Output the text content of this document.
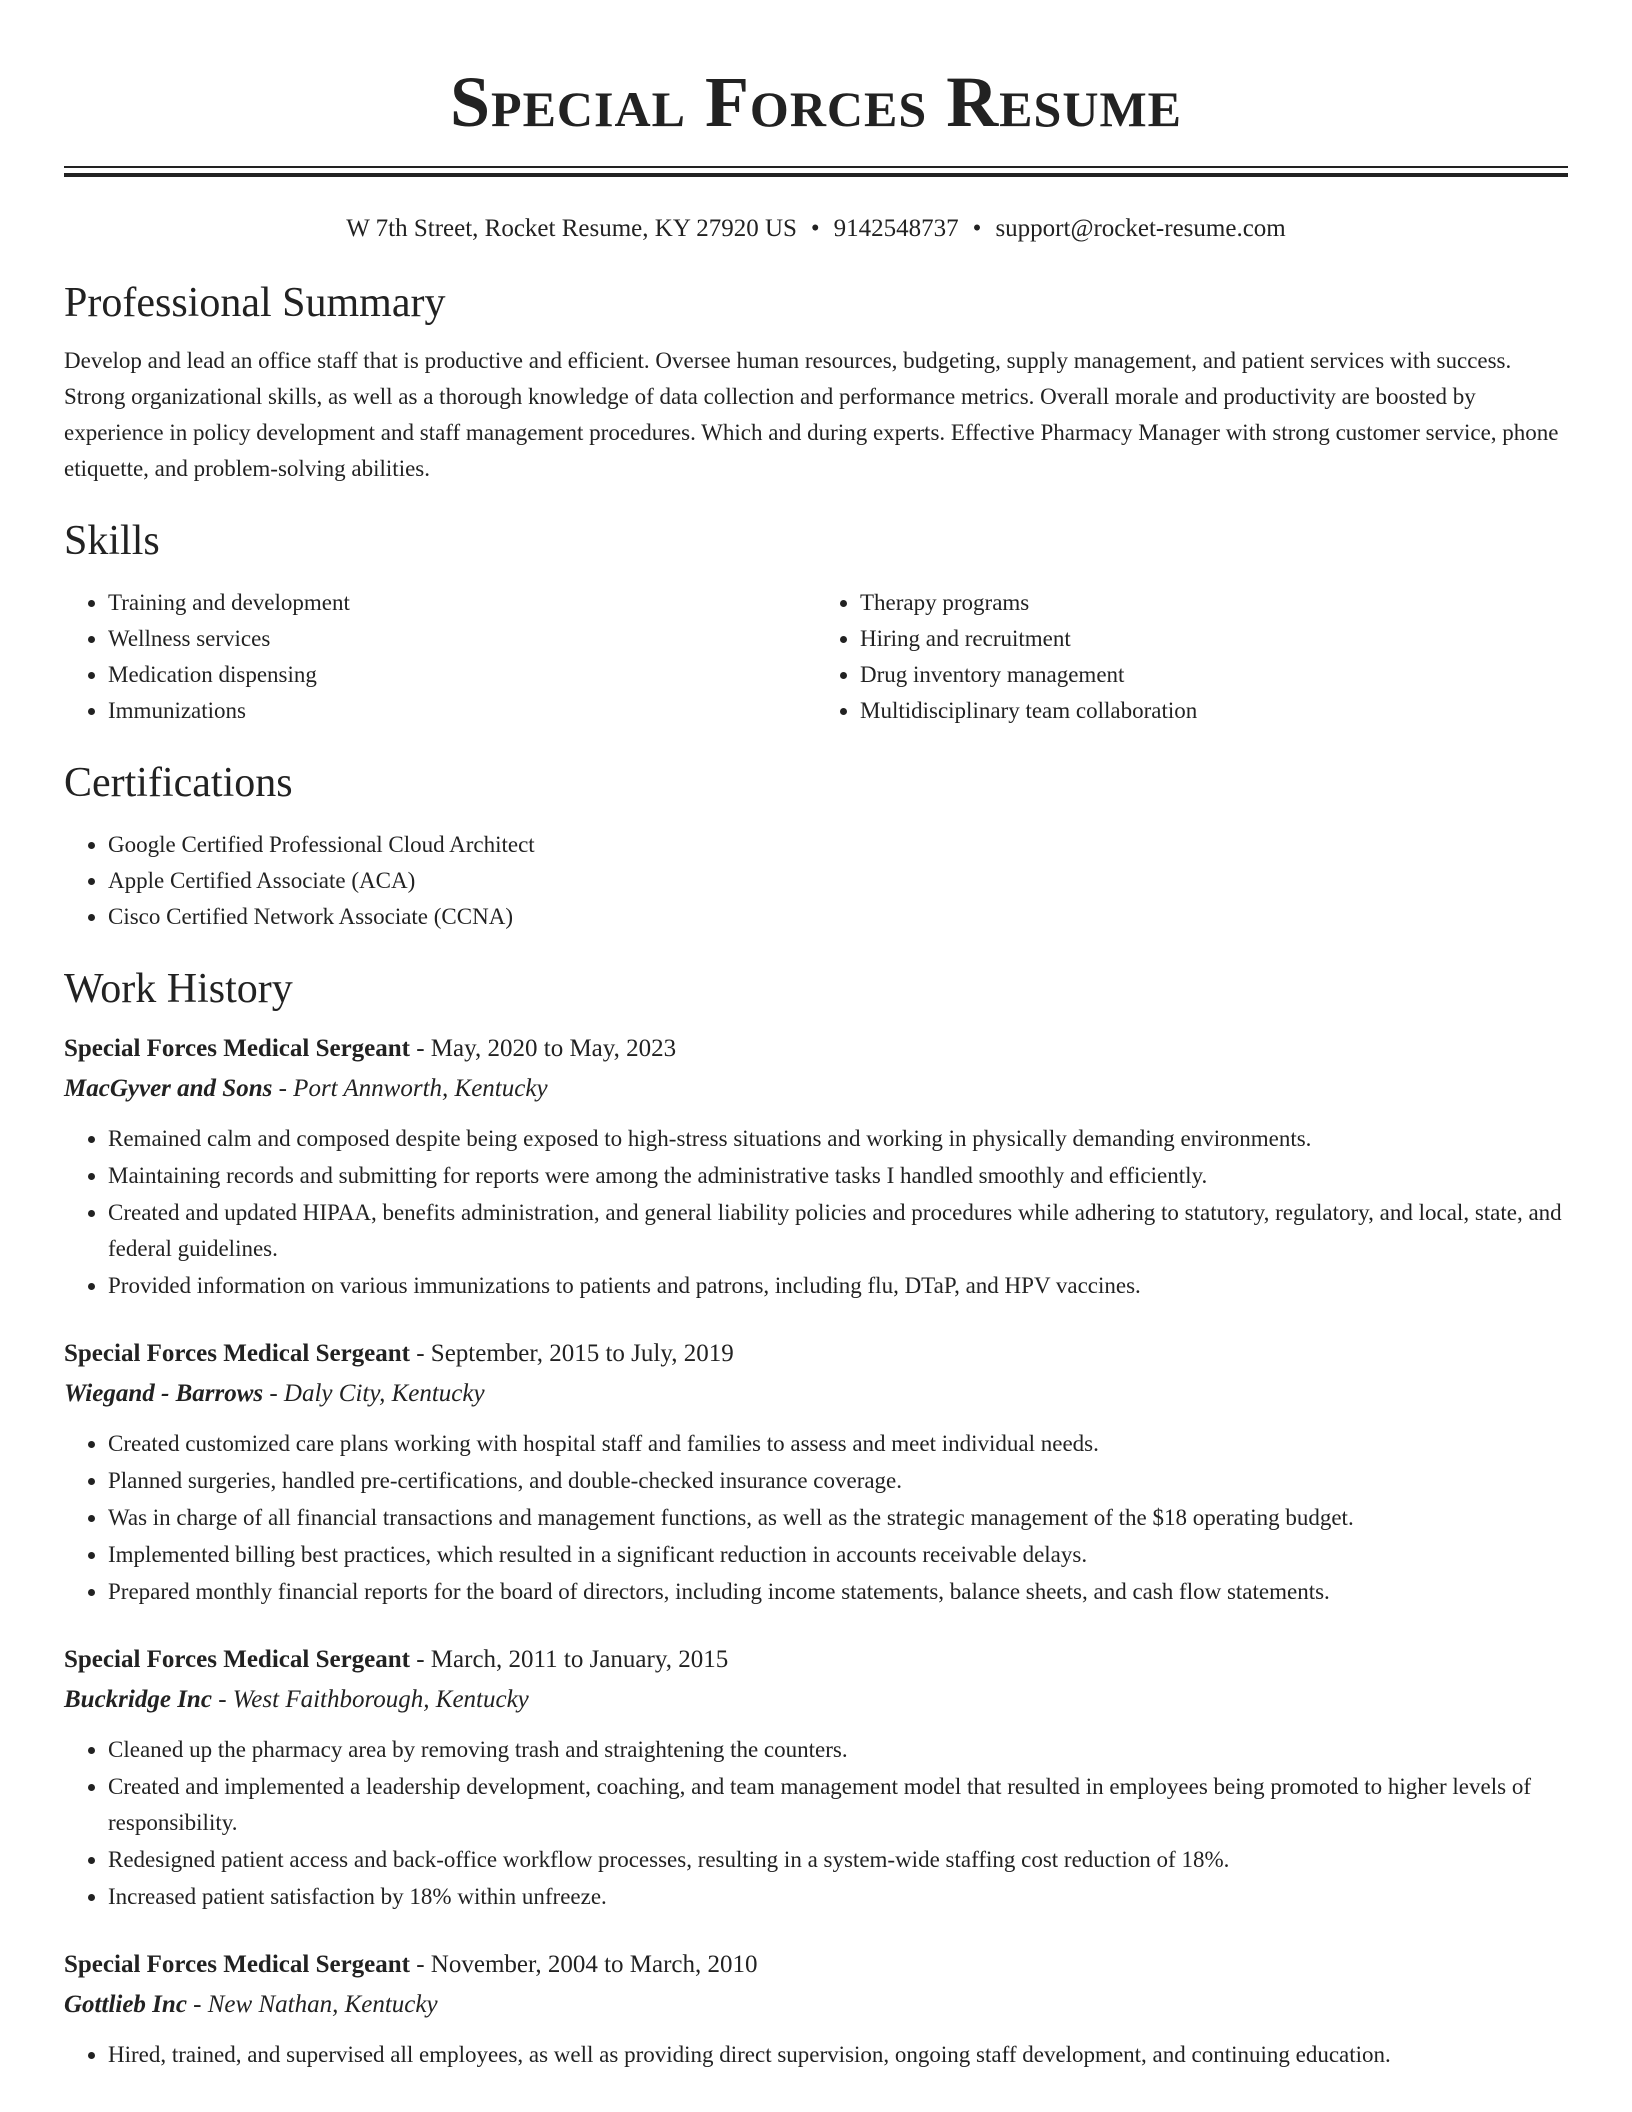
Special Forces Resume
W 7th Street, Rocket Resume, KY 27920 US • 9142548737 • support@rocket-resume.com
Professional Summary
Develop and lead an office staff that is productive and efficient. Oversee human resources, budgeting, supply management, and patient services with success. Strong organizational skills, as well as a thorough knowledge of data collection and performance metrics. Overall morale and productivity are boosted by experience in policy development and staff management procedures. Which and during experts. Effective Pharmacy Manager with strong customer service, phone etiquette, and problem-solving abilities.
Skills
• Training and development
• Wellness services
• Medication dispensing
• Immunizations
• Therapy programs
• Hiring and recruitment
• Drug inventory management
• Multidisciplinary team collaboration
Certifications
• Google Certified Professional Cloud Architect
• Apple Certified Associate (ACA)
• Cisco Certified Network Associate (CCNA)
Work History
Special Forces Medical Sergeant - May, 2020 to May, 2023
MacGyver and Sons - Port Annworth, Kentucky
• Remained calm and composed despite being exposed to high-stress situations and working in physically demanding environments.
• Maintaining records and submitting for reports were among the administrative tasks I handled smoothly and efficiently.
• Created and updated HIPAA, benefits administration, and general liability policies and procedures while adhering to statutory, regulatory, and local, state, and federal guidelines.
• Provided information on various immunizations to patients and patrons, including flu, DTaP, and HPV vaccines.
Special Forces Medical Sergeant - September, 2015 to July, 2019
Wiegand - Barrows - Daly City, Kentucky
• Created customized care plans working with hospital staff and families to assess and meet individual needs.
• Planned surgeries, handled pre-certifications, and double-checked insurance coverage.
• Was in charge of all financial transactions and management functions, as well as the strategic management of the $18 operating budget.
• Implemented billing best practices, which resulted in a significant reduction in accounts receivable delays.
• Prepared monthly financial reports for the board of directors, including income statements, balance sheets, and cash flow statements.
Special Forces Medical Sergeant - March, 2011 to January, 2015
Buckridge Inc - West Faithborough, Kentucky
• Cleaned up the pharmacy area by removing trash and straightening the counters.
• Created and implemented a leadership development, coaching, and team management model that resulted in employees being promoted to higher levels of responsibility.
• Redesigned patient access and back-office workflow processes, resulting in a system-wide staffing cost reduction of 18%.
• Increased patient satisfaction by 18% within unfreeze.
Special Forces Medical Sergeant - November, 2004 to March, 2010
Gottlieb Inc - New Nathan, Kentucky
• Hired, trained, and supervised all employees, as well as providing direct supervision, ongoing staff development, and continuing education.
